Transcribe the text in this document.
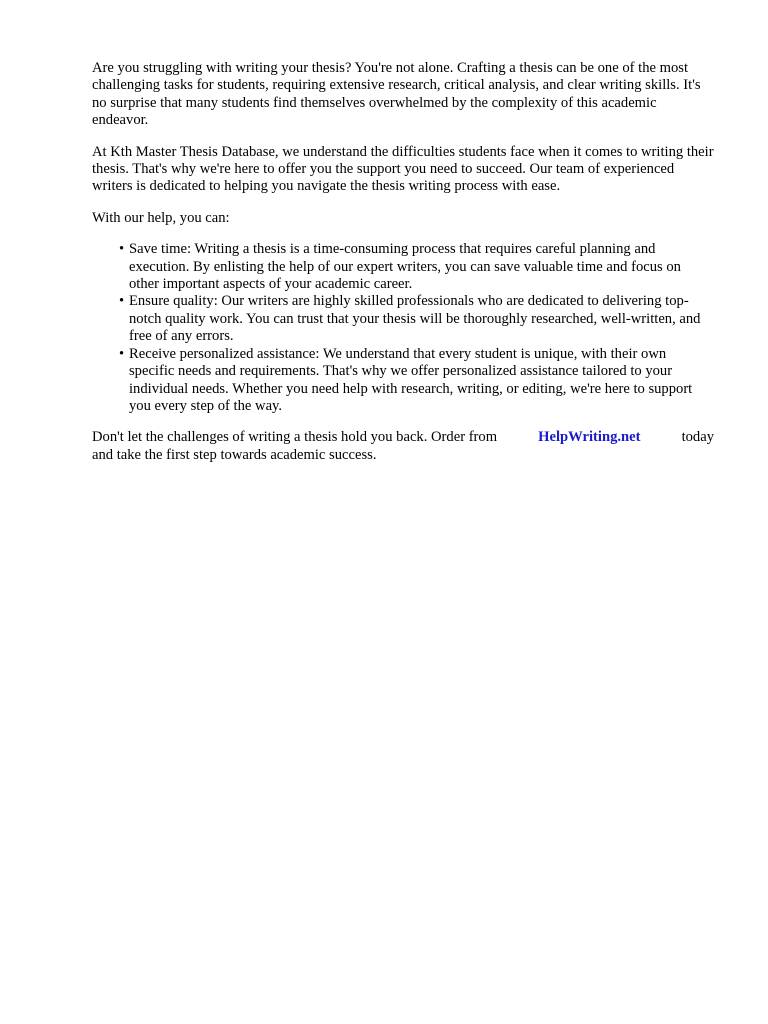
Are you struggling with writing your thesis? You're not alone. Crafting a thesis can be one of the most challenging tasks for students, requiring extensive research, critical analysis, and clear writing skills. It's no surprise that many students find themselves overwhelmed by the complexity of this academic endeavor.

At Kth Master Thesis Database, we understand the difficulties students face when it comes to writing their thesis. That's why we're here to offer you the support you need to succeed. Our team of experienced writers is dedicated to helping you navigate the thesis writing process with ease.

With our help, you can:

• Save time: Writing a thesis is a time-consuming process that requires careful planning and execution. By enlisting the help of our expert writers, you can save valuable time and focus on other important aspects of your academic career.
• Ensure quality: Our writers are highly skilled professionals who are dedicated to delivering top-notch quality work. You can trust that your thesis will be thoroughly researched, well-written, and free of any errors.
• Receive personalized assistance: We understand that every student is unique, with their own specific needs and requirements. That's why we offer personalized assistance tailored to your individual needs. Whether you need help with research, writing, or editing, we're here to support you every step of the way.
Don't let the challenges of writing a thesis hold you back. Order from	HelpWriting.net	today
and take the first step towards academic success.
